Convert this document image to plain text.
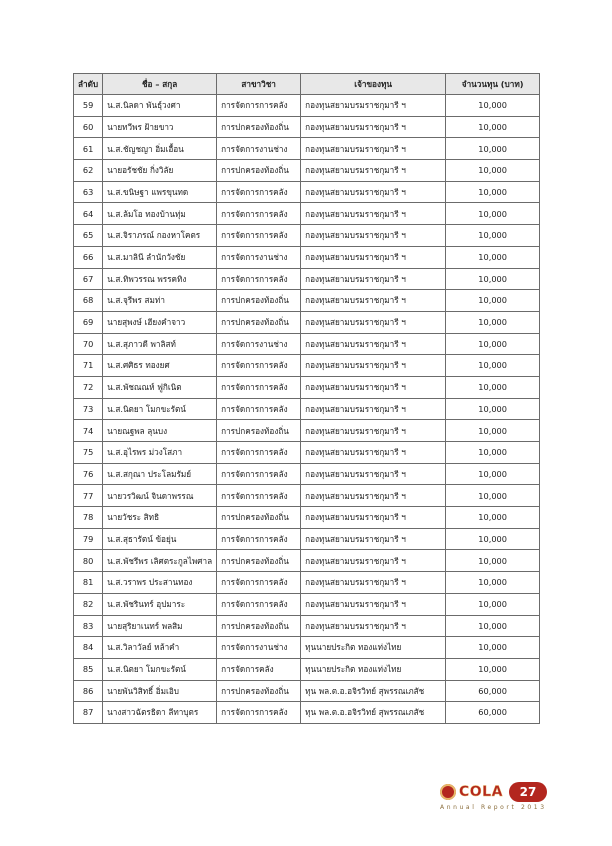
ลำดับ	ชื่อ – สกุล	สาขาวิชา	เจ้าของทุน	จำนวนทุน (บาท)
59	น.ส.นิลดา พันธุ์วงศา	การจัดการการคลัง	กองทุนสยามบรมราชกุมารี ฯ	10,000
60	นายทวีพร ฝ้ายขาว	การปกครองท้องถิ่น	กองทุนสยามบรมราชกุมารี ฯ	10,000
61	น.ส.ชัญชญา อิ่มเอื้อน	การจัดการงานช่าง	กองทุนสยามบรมราชกุมารี ฯ	10,000
62	นายอรัชชัย กิ่งวิลัย	การปกครองท้องถิ่น	กองทุนสยามบรมราชกุมารี ฯ	10,000
63	น.ส.ขนิษฐา แพรขุนทด	การจัดการการคลัง	กองทุนสยามบรมราชกุมารี ฯ	10,000
64	น.ส.ล้มโอ ทองบ้านทุ่ม	การจัดการการคลัง	กองทุนสยามบรมราชกุมารี ฯ	10,000
65	น.ส.จิราภรณ์ กองหาโคตร	การจัดการการคลัง	กองทุนสยามบรมราชกุมารี ฯ	10,000
66	น.ส.มาลินี ลำนักวังชัย	การจัดการงานช่าง	กองทุนสยามบรมราชกุมารี ฯ	10,000
67	น.ส.ทิพวรรณ พรรคทิง	การจัดการการคลัง	กองทุนสยามบรมราชกุมารี ฯ	10,000
68	น.ส.จุรีพร สมท่า	การปกครองท้องถิ่น	กองทุนสยามบรมราชกุมารี ฯ	10,000
69	นายสุพงษ์ เฮียงคำจาว	การปกครองท้องถิ่น	กองทุนสยามบรมราชกุมารี ฯ	10,000
70	น.ส.สุภาวดี พาลิสท์	การจัดการงานช่าง	กองทุนสยามบรมราชกุมารี ฯ	10,000
71	น.ส.ศศิธร ทองยศ	การจัดการการคลัง	กองทุนสยามบรมราชกุมารี ฯ	10,000
72	น.ส.พัชณณห์ ฟูกิเนิต	การจัดการการคลัง	กองทุนสยามบรมราชกุมารี ฯ	10,000
73	น.ส.นิตยา โมกขะรัตน์	การจัดการการคลัง	กองทุนสยามบรมราชกุมารี ฯ	10,000
74	นายณฐพล ลุนบง	การปกครองท้องถิ่น	กองทุนสยามบรมราชกุมารี ฯ	10,000
75	น.ส.อุไรพร ม่วงโสภา	การจัดการการคลัง	กองทุนสยามบรมราชกุมารี ฯ	10,000
76	น.ส.สกุณา ประโลมรัมย์	การจัดการการคลัง	กองทุนสยามบรมราชกุมารี ฯ	10,000
77	นายวรวิฒน์ จินดาพรรณ	การจัดการการคลัง	กองทุนสยามบรมราชกุมารี ฯ	10,000
78	นายวัชระ สิทธิ	การปกครองท้องถิ่น	กองทุนสยามบรมราชกุมารี ฯ	10,000
79	น.ส.สุธารัตน์ ข้อยุ่น	การจัดการการคลัง	กองทุนสยามบรมราชกุมารี ฯ	10,000
80	น.ส.พัชรีพร เลิศตระกูลไพศาล	การปกครองท้องถิ่น	กองทุนสยามบรมราชกุมารี ฯ	10,000
81	น.ส.วราพร ประสานทอง	การจัดการการคลัง	กองทุนสยามบรมราชกุมารี ฯ	10,000
82	น.ส.พัชรินทร์ อุปมาระ	การจัดการการคลัง	กองทุนสยามบรมราชกุมารี ฯ	10,000
83	นายสุริยาเนทร์ พลสิม	การปกครองท้องถิ่น	กองทุนสยามบรมราชกุมารี ฯ	10,000
84	น.ส.วิลาวัลย์ หล้าคำ	การจัดการงานช่าง	ทุนนายประกิต ทองแท่งไทย	10,000
85	น.ส.นิตยา โมกขะรัตน์	การจัดการคลัง	ทุนนายประกิต ทองแท่งไทย	10,000
86	นายพันวิสิทธิ์ อิ่มเอิบ	การปกครองท้องถิ่น	ทุน พล.ต.อ.อจิรวิทย์ สุพรรณเภสัช	60,000
87	นางสาวฉัตรธิดา ลีทาบุตร	การจัดการการคลัง	ทุน พล.ต.อ.อจิรวิทย์ สุพรรณเภสัช	60,000
COLA	27
Annual Report 2013
